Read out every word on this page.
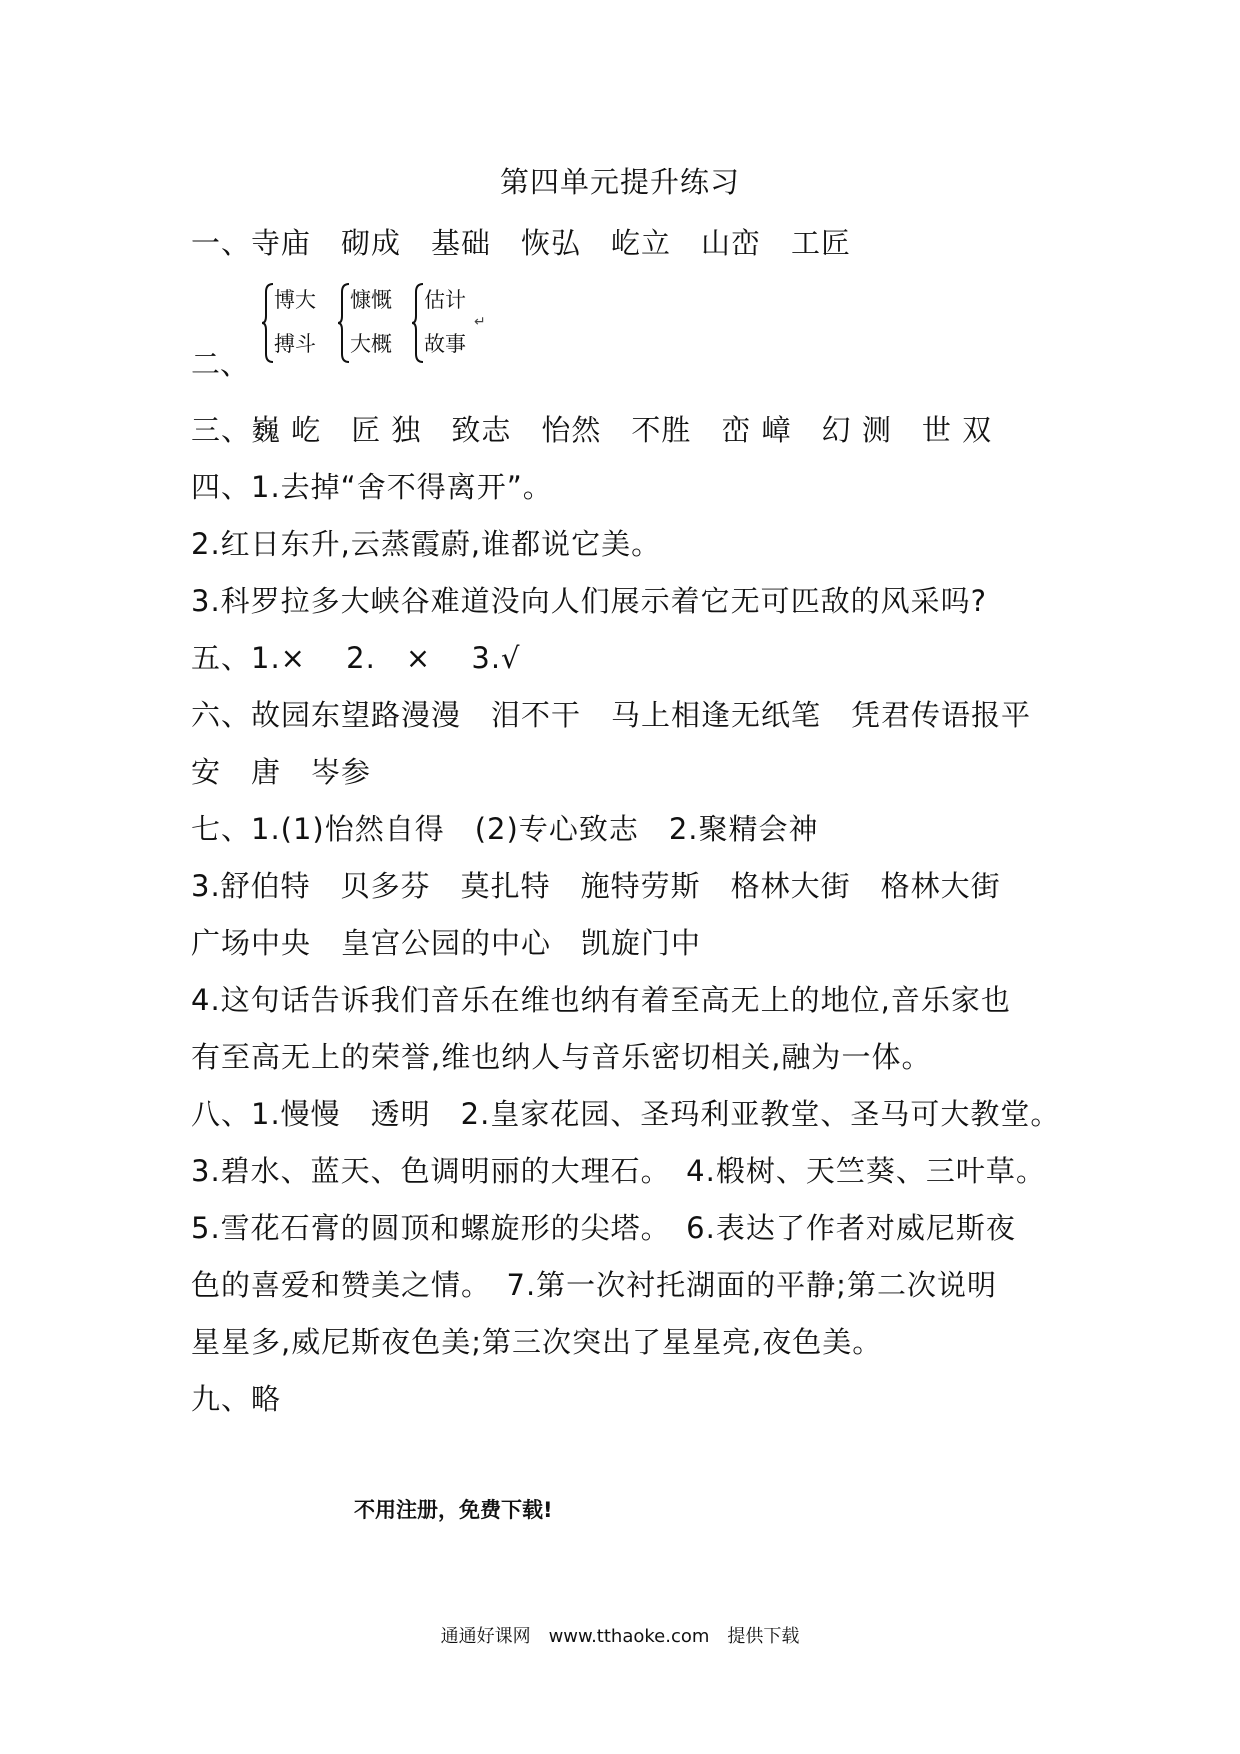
第四单元提升练习
一、寺庙　砌成　基础　恢弘　屹立　山峦　工匠
二、
博大
搏斗
慷慨
大概
估计
故事
↵
三、巍 屹　匠 独　致志　怡然　不胜　峦 嶂　幻 测　世 双
四、1.去掉“舍不得离开”。
2.红日东升,云蒸霞蔚,谁都说它美。
3.科罗拉多大峡谷难道没向人们展示着它无可匹敌的风采吗?
五、1.×　 2.　×　 3.√
六、故园东望路漫漫　泪不干　马上相逢无纸笔　凭君传语报平
安　唐　岑参
七、1.(1)怡然自得　(2)专心致志　2.聚精会神
3.舒伯特　贝多芬　莫扎特　施特劳斯　格林大街　格林大街
广场中央　皇宫公园的中心　凯旋门中
4.这句话告诉我们音乐在维也纳有着至高无上的地位,音乐家也
有至高无上的荣誉,维也纳人与音乐密切相关,融为一体。
八、1.慢慢　透明　2.皇家花园、圣玛利亚教堂、圣马可大教堂。
3.碧水、蓝天、色调明丽的大理石。　4.椴树、天竺葵、三叶草。
5.雪花石膏的圆顶和螺旋形的尖塔。　6.表达了作者对威尼斯夜
色的喜爱和赞美之情。　7.第一次衬托湖面的平静;第二次说明
星星多,威尼斯夜色美;第三次突出了星星亮,夜色美。
九、略
不用注册，免费下载!
通通好课网　www.tthaoke.com　提供下载
